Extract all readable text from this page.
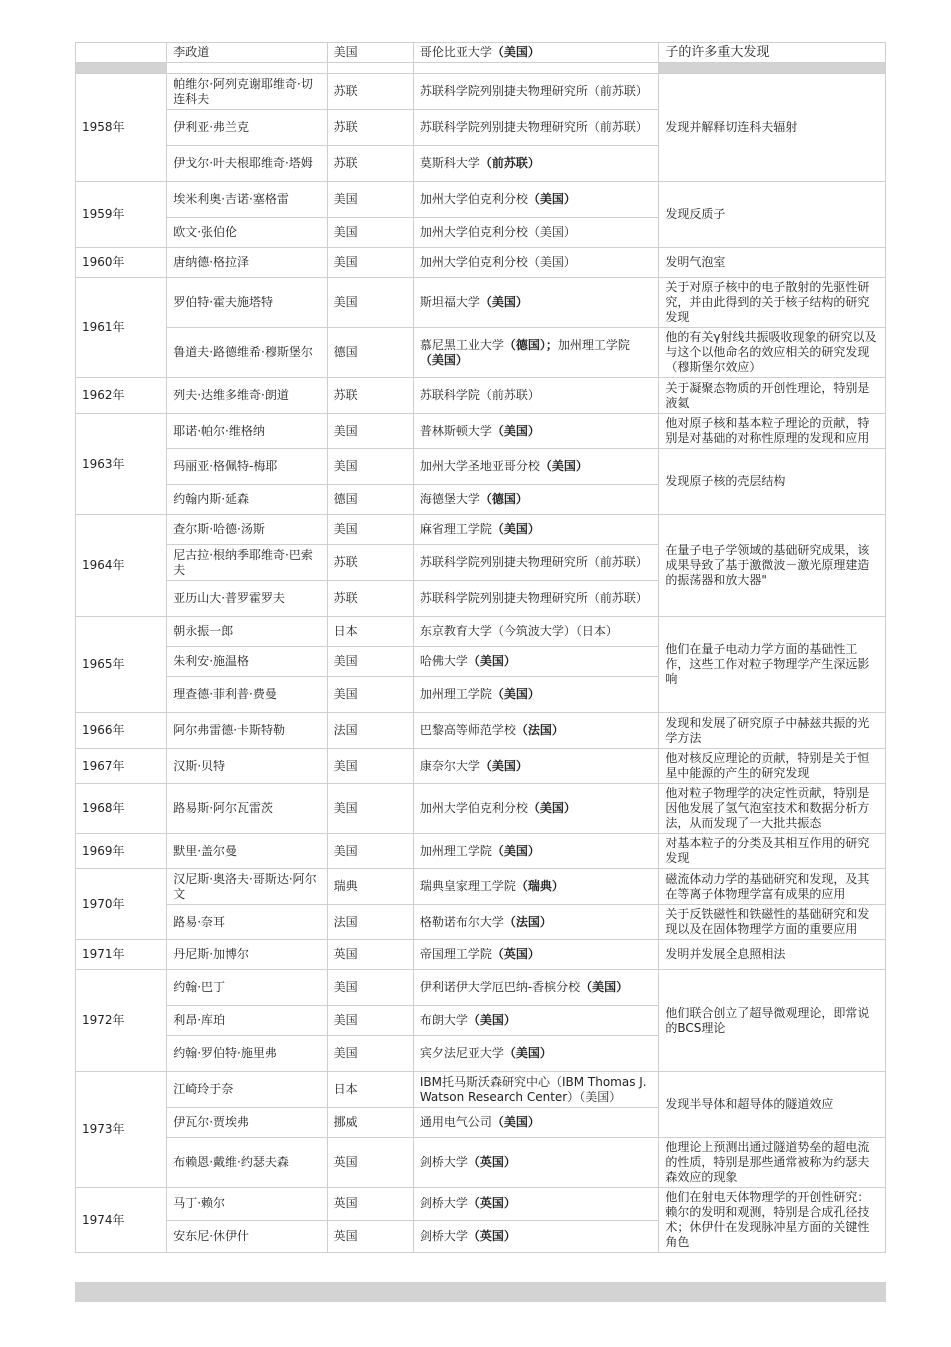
	李政道	美国	哥伦比亚大学（美国）	子的许多重大发现

1958年	帕维尔·阿列克谢耶维奇·切连科夫	苏联	苏联科学院列别捷夫物理研究所（前苏联）	发现并解释切连科夫辐射
	伊利亚·弗兰克	苏联	苏联科学院列别捷夫物理研究所（前苏联）	
	伊戈尔·叶夫根耶维奇·塔姆	苏联	莫斯科大学（前苏联）	
1959年	埃米利奥·吉诺·塞格雷	美国	加州大学伯克利分校（美国）	发现反质子
	欧文·张伯伦	美国	加州大学伯克利分校（美国）	
1960年	唐纳德·格拉泽	美国	加州大学伯克利分校（美国）	发明气泡室
1961年	罗伯特·霍夫施塔特	美国	斯坦福大学（美国）	关于对原子核中的电子散射的先驱性研究，并由此得到的关于核子结构的研究发现
	鲁道夫·路德维希·穆斯堡尔	德国	慕尼黑工业大学（德国）；加州理工学院（美国）	他的有关γ射线共振吸收现象的研究以及与这个以他命名的效应相关的研究发现（穆斯堡尔效应）
1962年	列夫·达维多维奇·朗道	苏联	苏联科学院（前苏联）	关于凝聚态物质的开创性理论，特别是液氦
1963年	耶诺·帕尔·维格纳	美国	普林斯顿大学（美国）	他对原子核和基本粒子理论的贡献，特别是对基础的对称性原理的发现和应用
	玛丽亚·格佩特-梅耶	美国	加州大学圣地亚哥分校（美国）	发现原子核的壳层结构
	约翰内斯·延森	德国	海德堡大学（德国）	
1964年	查尔斯·哈德·汤斯	美国	麻省理工学院（美国）	在量子电子学领域的基础研究成果，该成果导致了基于激微波－激光原理建造的振荡器和放大器"
	尼古拉·根纳季耶维奇·巴索夫	苏联	苏联科学院列别捷夫物理研究所（前苏联）	
	亚历山大·普罗霍罗夫	苏联	苏联科学院列别捷夫物理研究所（前苏联）	
1965年	朝永振一郎	日本	东京教育大学（今筑波大学）（日本）	他们在量子电动力学方面的基础性工作，这些工作对粒子物理学产生深远影响
	朱利安·施温格	美国	哈佛大学（美国）	
	理查德·菲利普·费曼	美国	加州理工学院（美国）	
1966年	阿尔弗雷德·卡斯特勒	法国	巴黎高等师范学校（法国）	发现和发展了研究原子中赫兹共振的光学方法
1967年	汉斯·贝特	美国	康奈尔大学（美国）	他对核反应理论的贡献，特别是关于恒星中能源的产生的研究发现
1968年	路易斯·阿尔瓦雷茨	美国	加州大学伯克利分校（美国）	他对粒子物理学的决定性贡献，特别是因他发展了氢气泡室技术和数据分析方法，从而发现了一大批共振态
1969年	默里·盖尔曼	美国	加州理工学院（美国）	对基本粒子的分类及其相互作用的研究发现
1970年	汉尼斯·奥洛夫·哥斯达·阿尔文	瑞典	瑞典皇家理工学院（瑞典）	磁流体动力学的基础研究和发现，及其在等离子体物理学富有成果的应用
	路易·奈耳	法国	格勒诺布尔大学（法国）	关于反铁磁性和铁磁性的基础研究和发现以及在固体物理学方面的重要应用
1971年	丹尼斯·加博尔	英国	帝国理工学院（英国）	发明并发展全息照相法
1972年	约翰·巴丁	美国	伊利诺伊大学厄巴纳-香槟分校（美国）	他们联合创立了超导微观理论，即常说的BCS理论
	利昂·库珀	美国	布朗大学（美国）	
	约翰·罗伯特·施里弗	美国	宾夕法尼亚大学（美国）	
1973年	江崎玲于奈	日本	IBM托马斯沃森研究中心（IBM Thomas J. Watson Research Center）（美国）	发现半导体和超导体的隧道效应
	伊瓦尔·贾埃弗	挪威	通用电气公司（美国）	
	布赖恩·戴维·约瑟夫森	英国	剑桥大学（英国）	他理论上预测出通过隧道势垒的超电流的性质，特别是那些通常被称为约瑟夫森效应的现象
1974年	马丁·赖尔	英国	剑桥大学（英国）	他们在射电天体物理学的开创性研究：赖尔的发明和观测，特别是合成孔径技术；休伊什在发现脉冲星方面的关键性角色
	安东尼·休伊什	英国	剑桥大学（英国）	
